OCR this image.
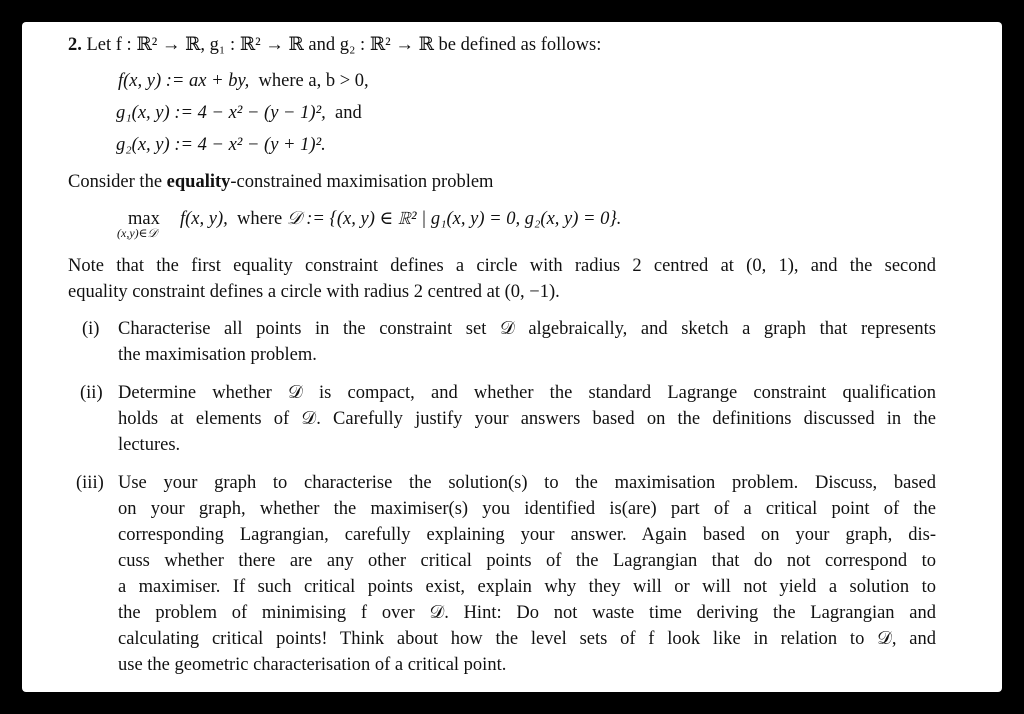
2. Let f : ℝ² → ℝ, g₁ : ℝ² → ℝ and g₂ : ℝ² → ℝ be defined as follows:
f(x, y) := ax + by, where a, b > 0,
g₁(x, y) := 4 − x² − (y − 1)², and
g₂(x, y) := 4 − x² − (y + 1)².
Consider the equality-constrained maximisation problem
max
(x,y)∈𝒟
f(x, y), where 𝒟 := {(x, y) ∈ ℝ² | g₁(x, y) = 0, g₂(x, y) = 0}.
Note that the first equality constraint defines a circle with radius 2 centred at (0, 1), and the second
equality constraint defines a circle with radius 2 centred at (0, −1).
(i) Characterise all points in the constraint set 𝒟 algebraically, and sketch a graph that represents
the maximisation problem.
(ii) Determine whether 𝒟 is compact, and whether the standard Lagrange constraint qualification
holds at elements of 𝒟. Carefully justify your answers based on the definitions discussed in the
lectures.
(iii) Use your graph to characterise the solution(s) to the maximisation problem. Discuss, based
on your graph, whether the maximiser(s) you identified is(are) part of a critical point of the
corresponding Lagrangian, carefully explaining your answer. Again based on your graph, dis-
cuss whether there are any other critical points of the Lagrangian that do not correspond to
a maximiser. If such critical points exist, explain why they will or will not yield a solution to
the problem of minimising f over 𝒟. Hint: Do not waste time deriving the Lagrangian and
calculating critical points! Think about how the level sets of f look like in relation to 𝒟, and
use the geometric characterisation of a critical point.
